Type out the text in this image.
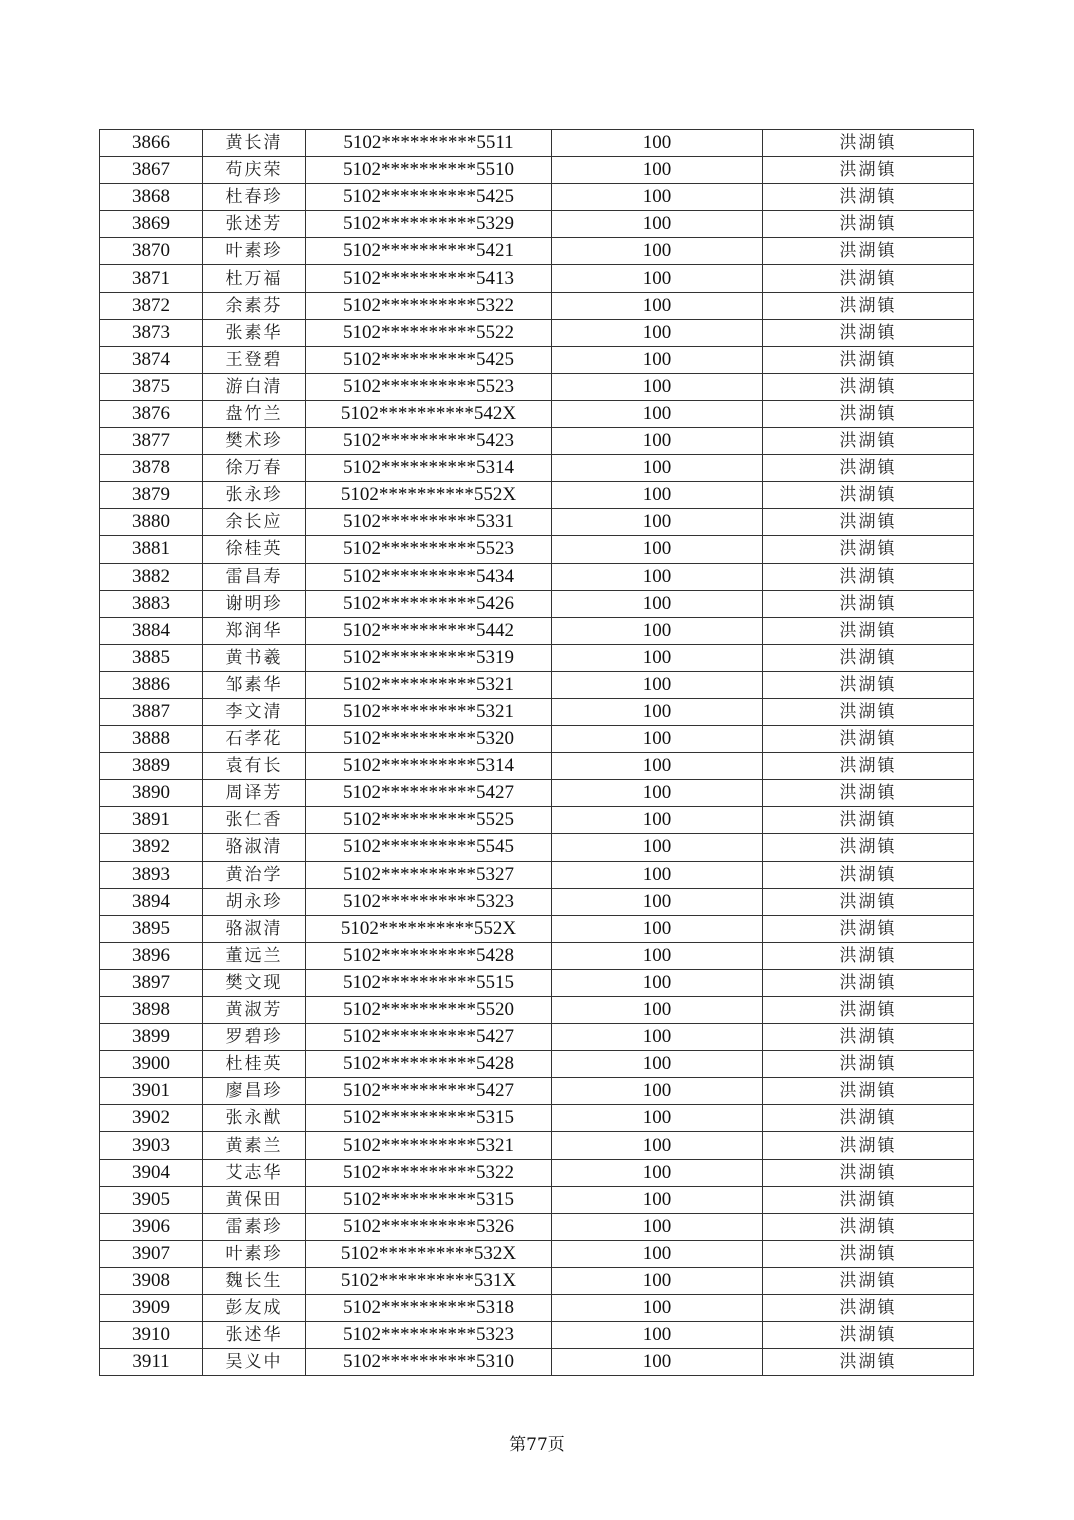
3866	黄长清	5102**********5511	100	洪湖镇
3867	苟庆荣	5102**********5510	100	洪湖镇
3868	杜春珍	5102**********5425	100	洪湖镇
3869	张述芳	5102**********5329	100	洪湖镇
3870	叶素珍	5102**********5421	100	洪湖镇
3871	杜万福	5102**********5413	100	洪湖镇
3872	余素芬	5102**********5322	100	洪湖镇
3873	张素华	5102**********5522	100	洪湖镇
3874	王登碧	5102**********5425	100	洪湖镇
3875	游白清	5102**********5523	100	洪湖镇
3876	盘竹兰	5102**********542X	100	洪湖镇
3877	樊术珍	5102**********5423	100	洪湖镇
3878	徐万春	5102**********5314	100	洪湖镇
3879	张永珍	5102**********552X	100	洪湖镇
3880	余长应	5102**********5331	100	洪湖镇
3881	徐桂英	5102**********5523	100	洪湖镇
3882	雷昌寿	5102**********5434	100	洪湖镇
3883	谢明珍	5102**********5426	100	洪湖镇
3884	郑润华	5102**********5442	100	洪湖镇
3885	黄书羲	5102**********5319	100	洪湖镇
3886	邹素华	5102**********5321	100	洪湖镇
3887	李文清	5102**********5321	100	洪湖镇
3888	石孝花	5102**********5320	100	洪湖镇
3889	袁有长	5102**********5314	100	洪湖镇
3890	周译芳	5102**********5427	100	洪湖镇
3891	张仁香	5102**********5525	100	洪湖镇
3892	骆淑清	5102**********5545	100	洪湖镇
3893	黄治学	5102**********5327	100	洪湖镇
3894	胡永珍	5102**********5323	100	洪湖镇
3895	骆淑清	5102**********552X	100	洪湖镇
3896	董远兰	5102**********5428	100	洪湖镇
3897	樊文现	5102**********5515	100	洪湖镇
3898	黄淑芳	5102**********5520	100	洪湖镇
3899	罗碧珍	5102**********5427	100	洪湖镇
3900	杜桂英	5102**********5428	100	洪湖镇
3901	廖昌珍	5102**********5427	100	洪湖镇
3902	张永猷	5102**********5315	100	洪湖镇
3903	黄素兰	5102**********5321	100	洪湖镇
3904	艾志华	5102**********5322	100	洪湖镇
3905	黄保田	5102**********5315	100	洪湖镇
3906	雷素珍	5102**********5326	100	洪湖镇
3907	叶素珍	5102**********532X	100	洪湖镇
3908	魏长生	5102**********531X	100	洪湖镇
3909	彭友成	5102**********5318	100	洪湖镇
3910	张述华	5102**********5323	100	洪湖镇
3911	吴义中	5102**********5310	100	洪湖镇
第77页
